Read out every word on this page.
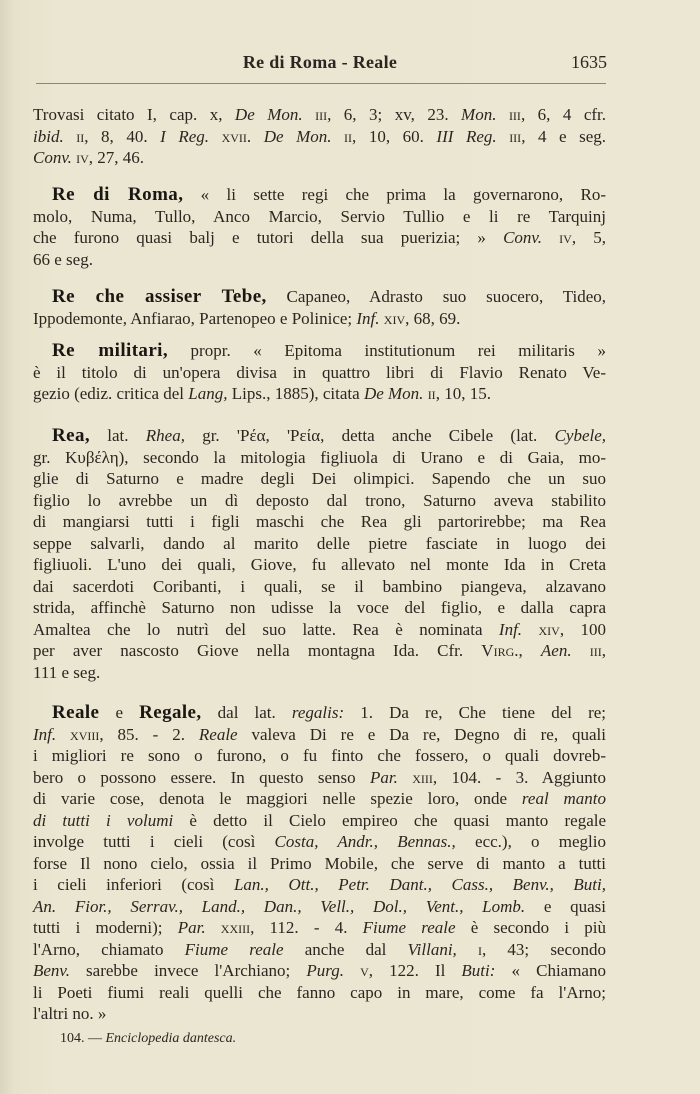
Re di Roma - Reale	1635
Trovasi citato I, cap. x, De Mon. iii, 6, 3; xv, 23. Mon. iii, 6, 4 cfr.
ibid. ii, 8, 40. I Reg. xvii. De Mon. ii, 10, 60. III Reg. iii, 4 e seg.
Conv. iv, 27, 46.
Re di Roma, « li sette regi che prima la governarono, Ro-
molo, Numa, Tullo, Anco Marcio, Servio Tullio e li re Tarquinj
che furono quasi balj e tutori della sua puerizia; » Conv. iv, 5,
66 e seg.
Re che assiser Tebe, Capaneo, Adrasto suo suocero, Tideo,
Ippodemonte, Anfiarao, Partenopeo e Polinice; Inf. xiv, 68, 69.
Re militari, propr. « Epitoma institutionum rei militaris »
è il titolo di un'opera divisa in quattro libri di Flavio Renato Ve-
gezio (ediz. critica del Lang, Lips., 1885), citata De Mon. ii, 10, 15.
Rea, lat. Rhea, gr. 'Ρέα, 'Ρεία, detta anche Cibele (lat. Cybele,
gr. Κυβέλη), secondo la mitologia figliuola di Urano e di Gaia, mo-
glie di Saturno e madre degli Dei olimpici. Sapendo che un suo
figlio lo avrebbe un dì deposto dal trono, Saturno aveva stabilito
di mangiarsi tutti i figli maschi che Rea gli partorirebbe; ma Rea
seppe salvarli, dando al marito delle pietre fasciate in luogo dei
figliuoli. L'uno dei quali, Giove, fu allevato nel monte Ida in Creta
dai sacerdoti Coribanti, i quali, se il bambino piangeva, alzavano
strida, affinchè Saturno non udisse la voce del figlio, e dalla capra
Amaltea che lo nutrì del suo latte. Rea è nominata Inf. xiv, 100
per aver nascosto Giove nella montagna Ida. Cfr. Virg., Aen. iii,
111 e seg.
Reale e Regale, dal lat. regalis: 1. Da re, Che tiene del re;
Inf. xviii, 85. - 2. Reale valeva Di re e Da re, Degno di re, quali
i migliori re sono o furono, o fu finto che fossero, o quali dovreb-
bero o possono essere. In questo senso Par. xiii, 104. - 3. Aggiunto
di varie cose, denota le maggiori nelle spezie loro, onde real manto
di tutti i volumi è detto il Cielo empireo che quasi manto regale
involge tutti i cieli (così Costa, Andr., Bennas., ecc.), o meglio
forse Il nono cielo, ossia il Primo Mobile, che serve di manto a tutti
i cieli inferiori (così Lan., Ott., Petr. Dant., Cass., Benv., Buti,
An. Fior., Serrav., Land., Dan., Vell., Dol., Vent., Lomb. e quasi
tutti i moderni); Par. xxiii, 112. - 4. Fiume reale è secondo i più
l'Arno, chiamato Fiume reale anche dal Villani, i, 43; secondo
Benv. sarebbe invece l'Archiano; Purg. v, 122. Il Buti: « Chiamano
li Poeti fiumi reali quelli che fanno capo in mare, come fa l'Arno;
l'altri no. »
104. — Enciclopedia dantesca.
